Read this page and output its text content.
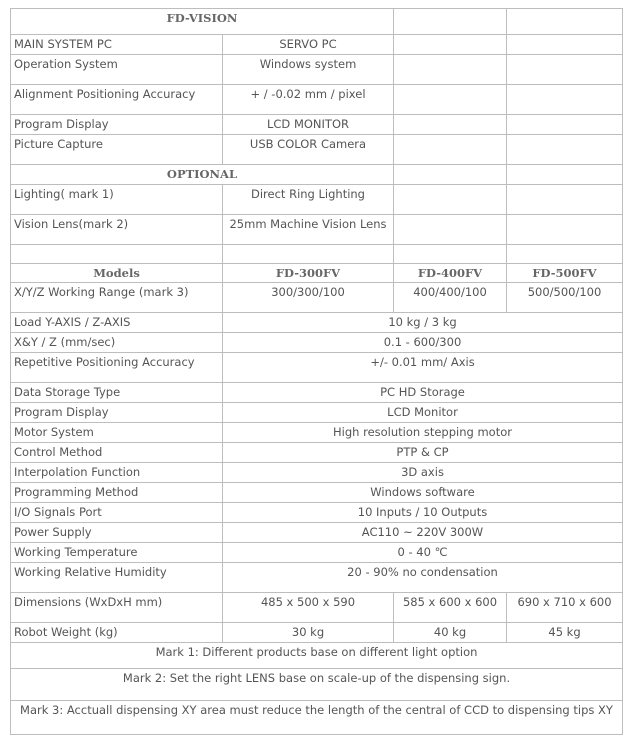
FD-VISION			
MAIN SYSTEM PC	SERVO PC		
Operation System	Windows system		
Alignment Positioning Accuracy	+ / -0.02 mm / pixel		
Program Display	LCD MONITOR		
Picture Capture	USB COLOR Camera		
OPTIONAL			
Lighting( mark 1)	Direct Ring Lighting		
Vision Lens(mark 2)	25mm Machine Vision Lens		

Models	FD-300FV	FD-400FV	FD-500FV
X/Y/Z Working Range (mark 3)	300/300/100	400/400/100	500/500/100
Load Y-AXIS / Z-AXIS	10 kg / 3 kg		
X&Y / Z (mm/sec)	0.1 - 600/300		
Repetitive Positioning Accuracy	+/- 0.01 mm/ Axis		
Data Storage Type	PC HD Storage		
Program Display	LCD Monitor		
Motor System	High resolution stepping motor		
Control Method	PTP & CP		
Interpolation Function	3D axis		
Programming Method	Windows software		
I/O Signals Port	10 Inputs / 10 Outputs		
Power Supply	AC110 ~ 220V 300W		
Working Temperature	0 - 40 ℃		
Working Relative Humidity	20 - 90% no condensation		
Dimensions (WxDxH mm)	485 x 500 x 590	585 x 600 x 600	690 x 710 x 600
Robot Weight (kg)	30 kg	40 kg	45 kg
Mark 1: Different products base on different light option			
Mark 2: Set the right LENS base on scale-up of the dispensing sign.			
Mark 3: Acctuall dispensing XY area must reduce the length of the central of CCD to dispensing tips XY			
